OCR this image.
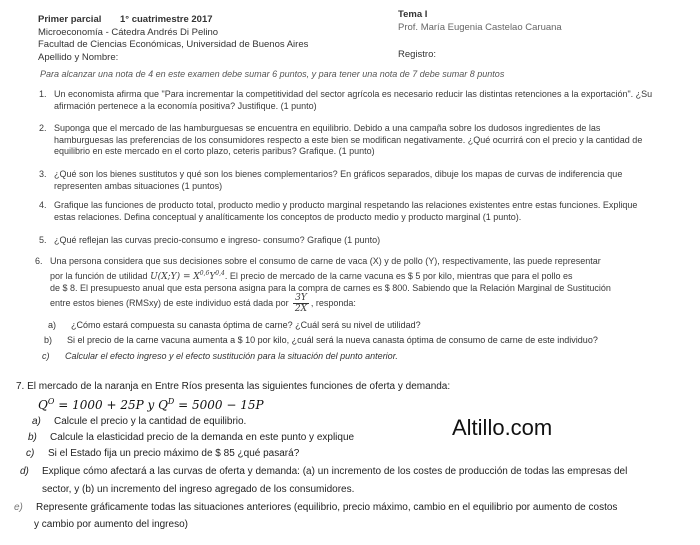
Primer parcial 1° cuatrimestre 2017
Microeconomía - Cátedra Andrés Di Pelino
Facultad de Ciencias Económicas, Universidad de Buenos Aires
Apellido y Nombre:
Tema I
Prof. María Eugenia Castelao Caruana
Registro:
Para alcanzar una nota de 4 en este examen debe sumar 6 puntos, y para tener una nota de 7 debe sumar 8 puntos
1. Un economista afirma que "Para incrementar la competitividad del sector agrícola es necesario reducir las distintas retenciones a la exportación". ¿Su afirmación pertenece a la economía positiva? Justifique. (1 punto)
2. Suponga que el mercado de las hamburguesas se encuentra en equilibrio. Debido a una campaña sobre los dudosos ingredientes de las hamburguesas las preferencias de los consumidores respecto a este bien se modifican negativamente. ¿Qué ocurrirá con el precio y la cantidad de equilibrio en este mercado en el corto plazo, ceteris paribus? Grafique. (1 punto)
3. ¿Qué son los bienes sustitutos y qué son los bienes complementarios? En gráficos separados, dibuje los mapas de curvas de indiferencia que representen ambas situaciones (1 puntos)
4. Grafique las funciones de producto total, producto medio y producto marginal respetando las relaciones existentes entre estas funciones. Explique estas relaciones. Defina conceptual y analíticamente los conceptos de producto medio y producto marginal (1 punto).
5. ¿Qué reflejan las curvas precio-consumo e ingreso- consumo? Grafique (1 punto)
6. Una persona considera que sus decisiones sobre el consumo de carne de vaca (X) y de pollo (Y), respectivamente, las puede representar
por la función de utilidad U(X;Y) = $X^{0,6}Y^{0,4}$. El precio de mercado de la carne vacuna es $ 5 por kilo, mientras que para el pollo es
de $ 8. El presupuesto anual que esta persona asigna para la compra de carnes es $ 800. Sabiendo que la Relación Marginal de Sustitución
entre estos bienes (RMSxy) de este individuo está dada por $\frac{3Y}{2X}$ , responda:
a) ¿Cómo estará compuesta su canasta óptima de carne? ¿Cuál será su nivel de utilidad?
b) Si el precio de la carne vacuna aumenta a $ 10 por kilo, ¿cuál será la nueva canasta óptima de consumo de carne de este individuo?
c) Calcular el efecto ingreso y el efecto sustitución para la situación del punto anterior.
7. El mercado de la naranja en Entre Ríos presenta las siguientes funciones de oferta y demanda:
$Q^O = 1000 + 25P$ y $Q^D = 5000 - 15P$
a) Calcule el precio y la cantidad de equilibrio.
b) Calcule la elasticidad precio de la demanda en este punto y explique
c) Si el Estado fija un precio máximo de $ 85 ¿qué pasará?
d) Explique cómo afectará a las curvas de oferta y demanda: (a) un incremento de los costes de producción de todas las empresas del
sector, y (b) un incremento del ingreso agregado de los consumidores.
e) Represente gráficamente todas las situaciones anteriores (equilibrio, precio máximo, cambio en el equilibrio por aumento de costos
y cambio por aumento del ingreso)
Altillo.com
